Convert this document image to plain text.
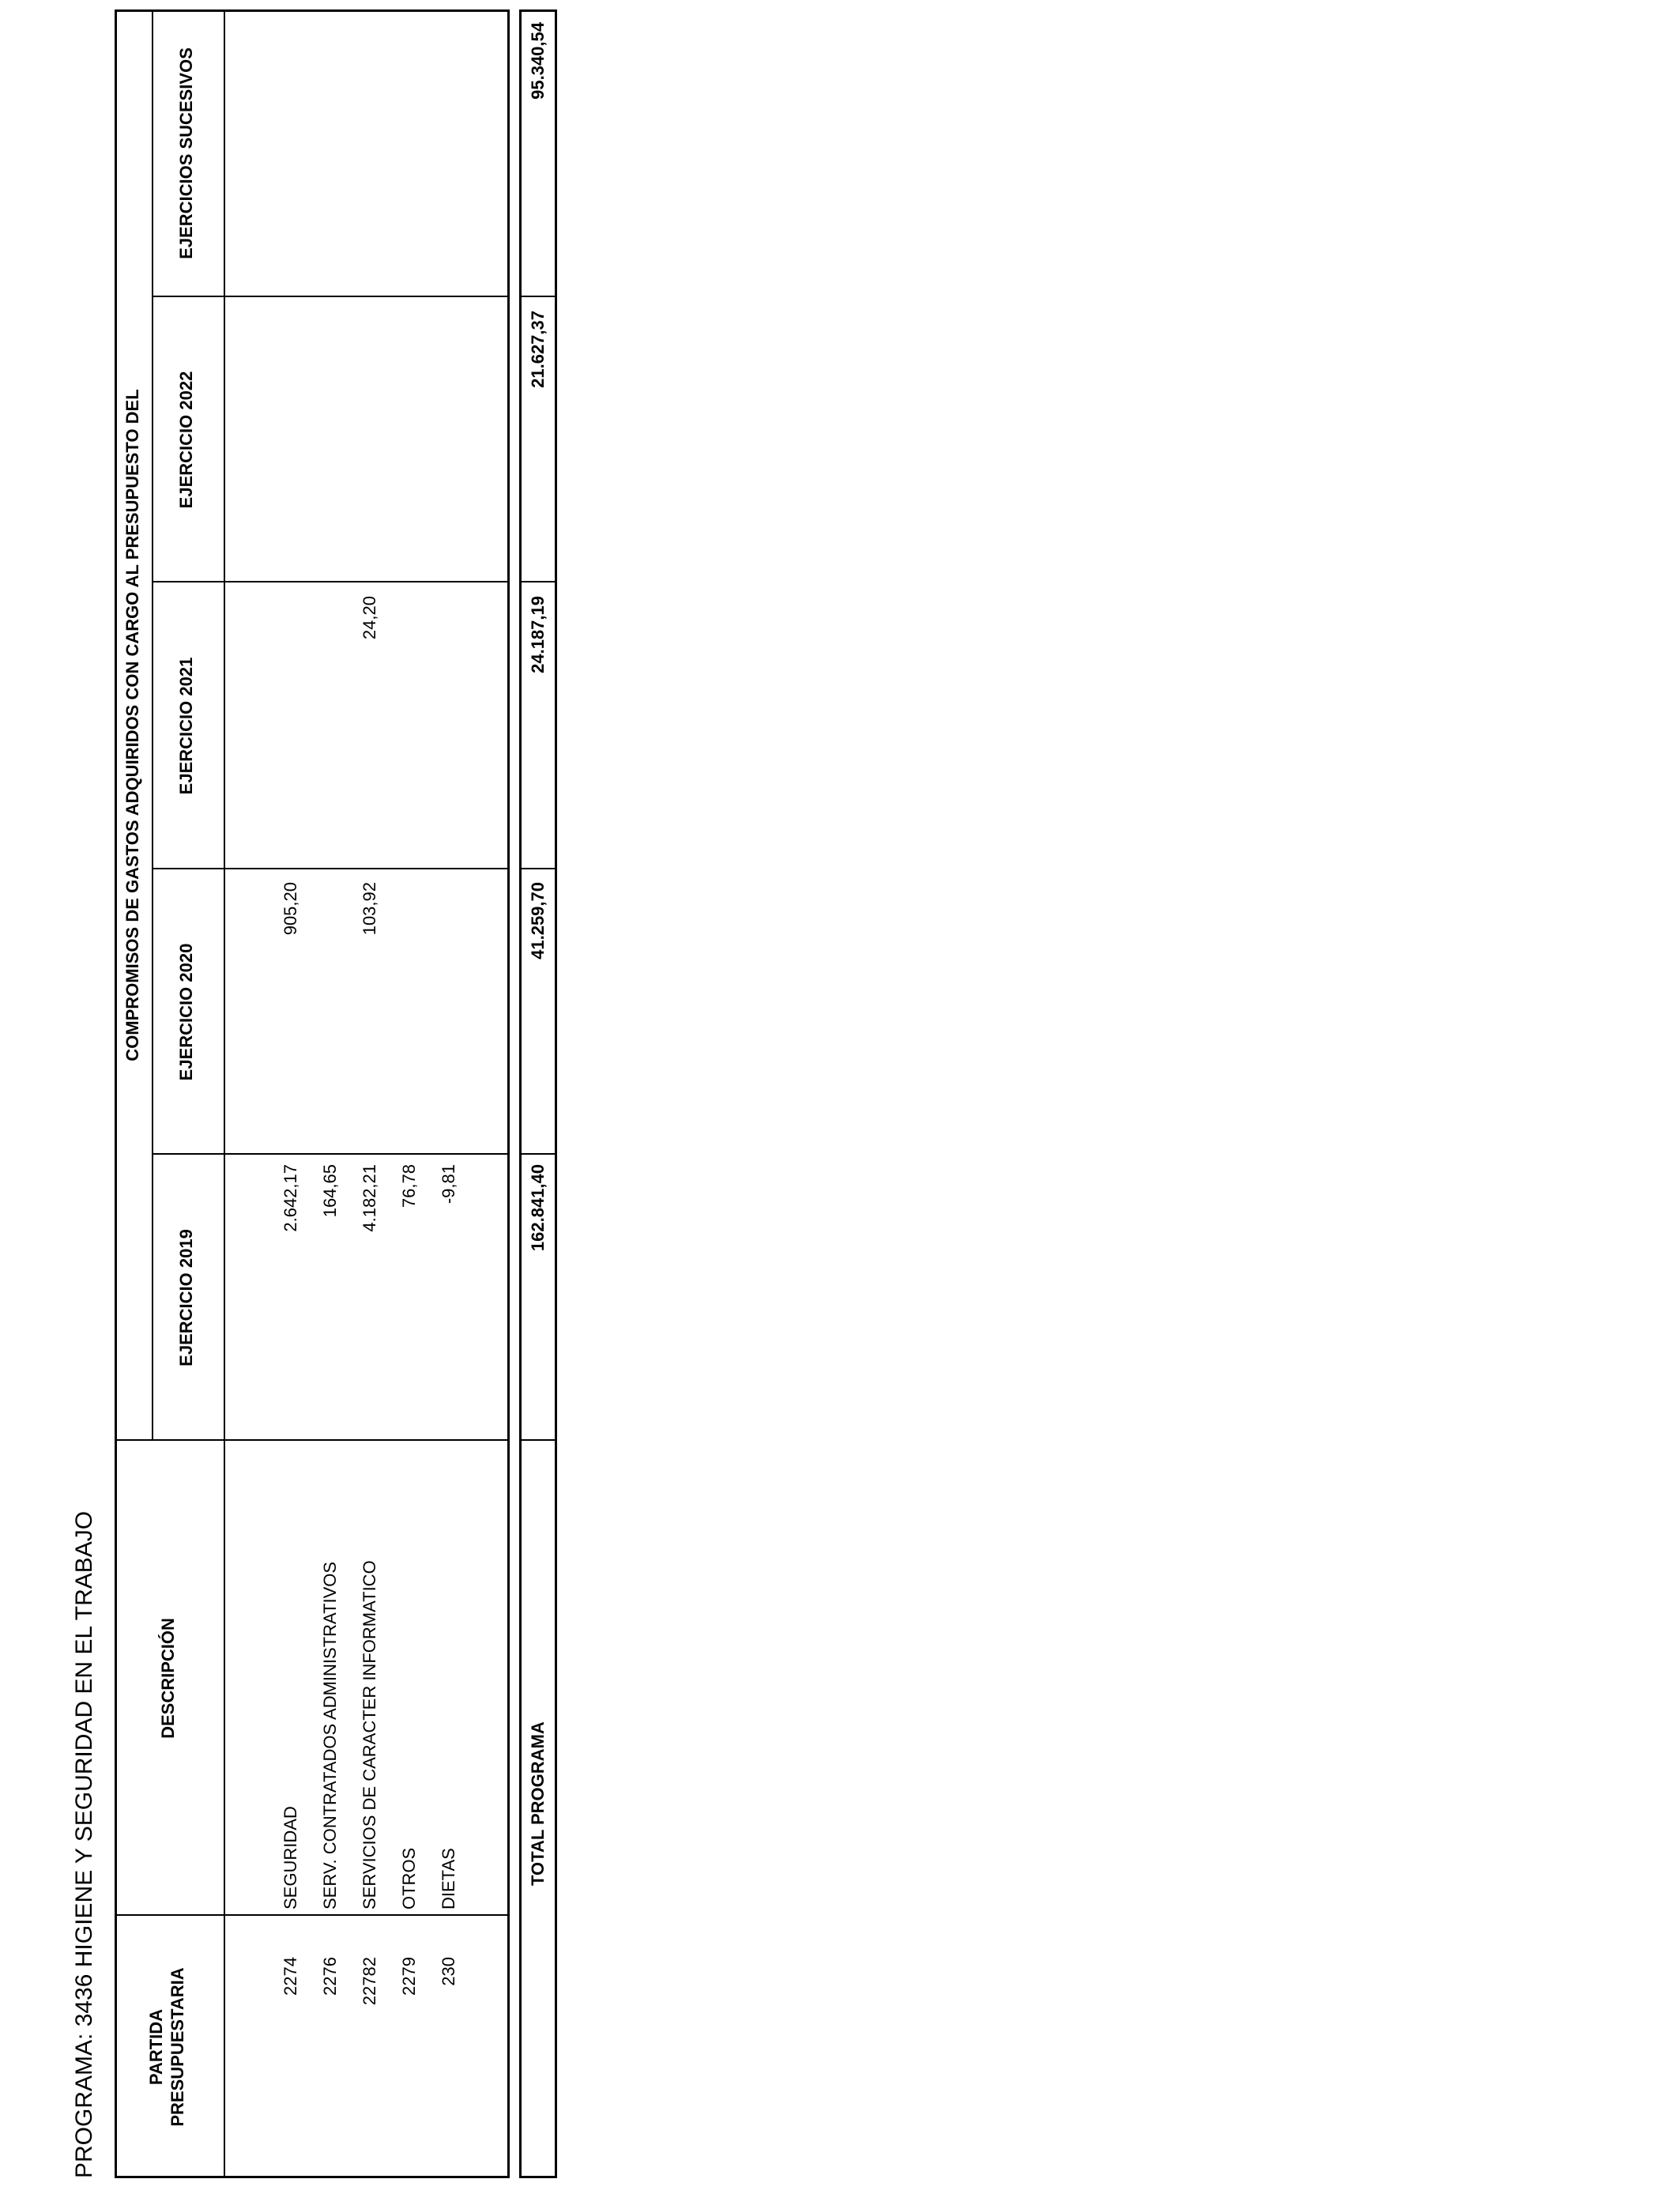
PROGRAMA: 3436 HIGIENE Y SEGURIDAD EN EL TRABAJO	PARTIDA PRESUPUESTARIA
DESCRIPCIÓN
COMPROMISOS DE GASTOS ADQUIRIDOS CON CARGO AL PRESUPUESTO DEL
EJERCICIO 2019
EJERCICIO 2020
EJERCICIO 2021
EJERCICIO 2022
EJERCICIOS SUCESIVOS
2274
SEGURIDAD
2.642,17
905,20
2276
SERV. CONTRATADOS ADMINISTRATIVOS
164,65
22782
SERVICIOS DE CARACTER INFORMATICO
4.182,21
103,92
24,20
2279
OTROS
76,78
230
DIETAS
-9,81
TOTAL PROGRAMA
162.841,40
41.259,70
24.187,19
21.627,37
95.340,54
